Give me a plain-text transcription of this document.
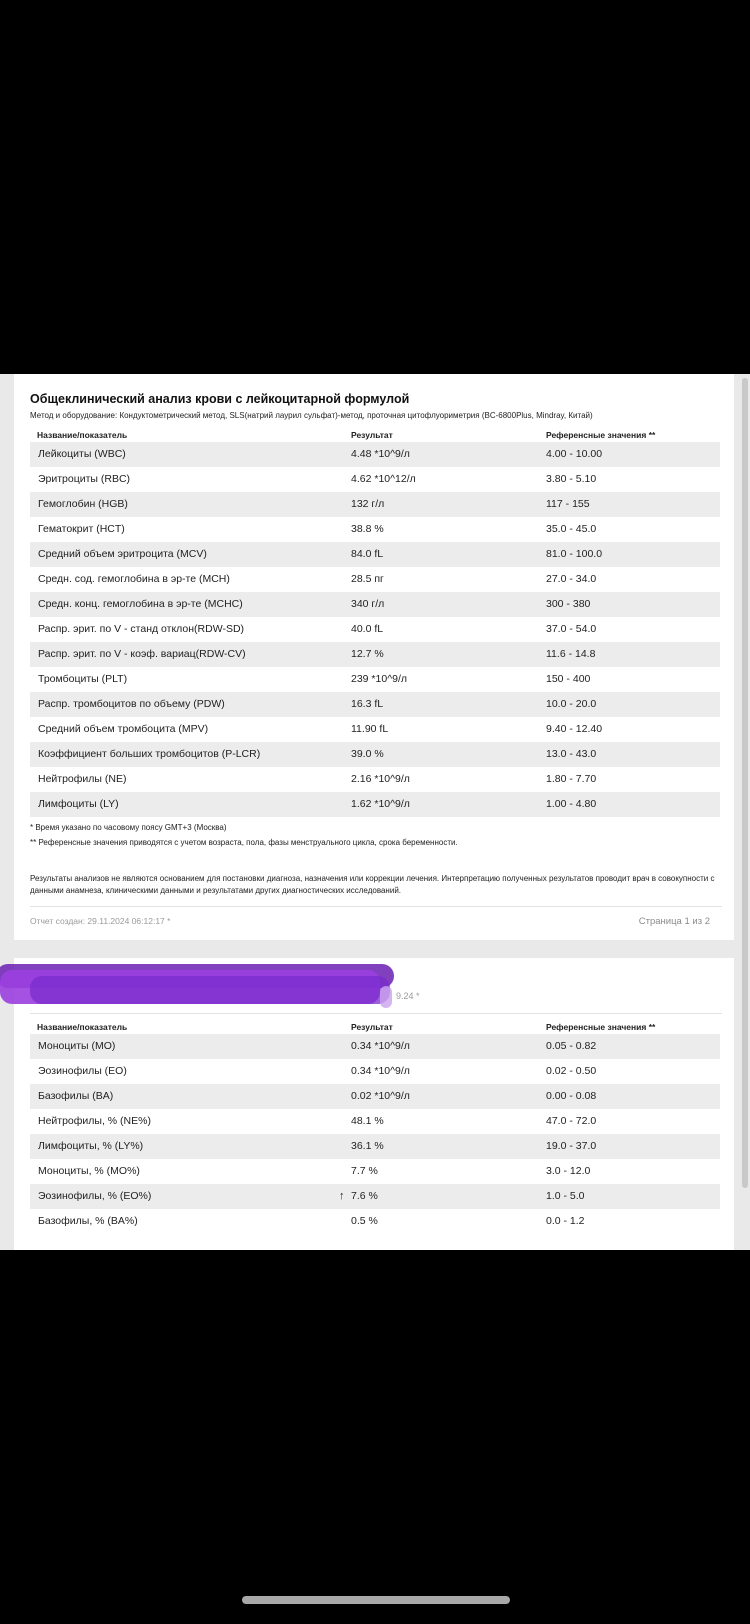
Общеклинический анализ крови с лейкоцитарной формулой
Метод и оборудование: Кондуктометрический метод, SLS(натрий лаурил сульфат)-метод, проточная цитофлуориметрия (BC-6800Plus, Mindray, Китай)
Название/показатель	Результат	Референсные значения **
Лейкоциты (WBC)	4.48 *10^9/л	4.00 - 10.00
Эритроциты (RBC)	4.62 *10^12/л	3.80 - 5.10
Гемоглобин (HGB)	132 г/л	117 - 155
Гематокрит (HCT)	38.8 %	35.0 - 45.0
Средний объем эритроцита (MCV)	84.0 fL	81.0 - 100.0
Средн. сод. гемоглобина в эр-те (MCH)	28.5 пг	27.0 - 34.0
Средн. конц. гемоглобина в эр-те (MCHC)	340 г/л	300 - 380
Распр. эрит. по V - станд отклон(RDW-SD)	40.0 fL	37.0 - 54.0
Распр. эрит. по V - коэф. вариац(RDW-CV)	12.7 %	11.6 - 14.8
Тромбоциты (PLT)	239 *10^9/л	150 - 400
Распр. тромбоцитов по объему (PDW)	16.3 fL	10.0 - 20.0
Средний объем тромбоцита (MPV)	11.90 fL	9.40 - 12.40
Коэффициент больших тромбоцитов (P-LCR)	39.0 %	13.0 - 43.0
Нейтрофилы (NE)	2.16 *10^9/л	1.80 - 7.70
Лимфоциты (LY)	1.62 *10^9/л	1.00 - 4.80
* Время указано по часовому поясу GMT+3 (Москва)
** Референсные значения приводятся с учетом возраста, пола, фазы менструального цикла, срока беременности.
Результаты анализов не являются основанием для постановки диагноза, назначения или коррекции лечения. Интерпретацию полученных результатов проводит врач в совокупности с данными анамнеза, клиническими данными и результатами других диагностических исследований.
Отчет создан: 29.11.2024 06:12:17 *	Страница 1 из 2
9.24 *
Название/показатель	Результат	Референсные значения **
Моноциты (MO)	0.34 *10^9/л	0.05 - 0.82
Эозинофилы (EO)	0.34 *10^9/л	0.02 - 0.50
Базофилы (BA)	0.02 *10^9/л	0.00 - 0.08
Нейтрофилы, % (NE%)	48.1 %	47.0 - 72.0
Лимфоциты, % (LY%)	36.1 %	19.0 - 37.0
Моноциты, % (MO%)	7.7 %	3.0 - 12.0
Эозинофилы, % (EO%)	7.6 %	1.0 - 5.0
↑
Базофилы, % (BA%)	0.5 %	0.0 - 1.2
